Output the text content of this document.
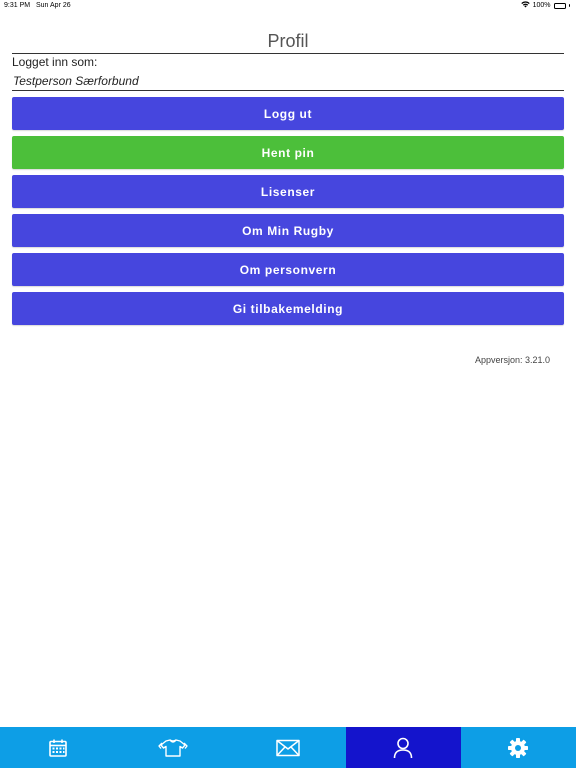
9:31 PM Sun Apr 26	100%
Profil
Logget inn som:
Testperson Særforbund
Logg ut
Hent pin
Lisenser
Om Min Rugby
Om personvern
Gi tilbakemelding
Appversjon: 3.21.0
